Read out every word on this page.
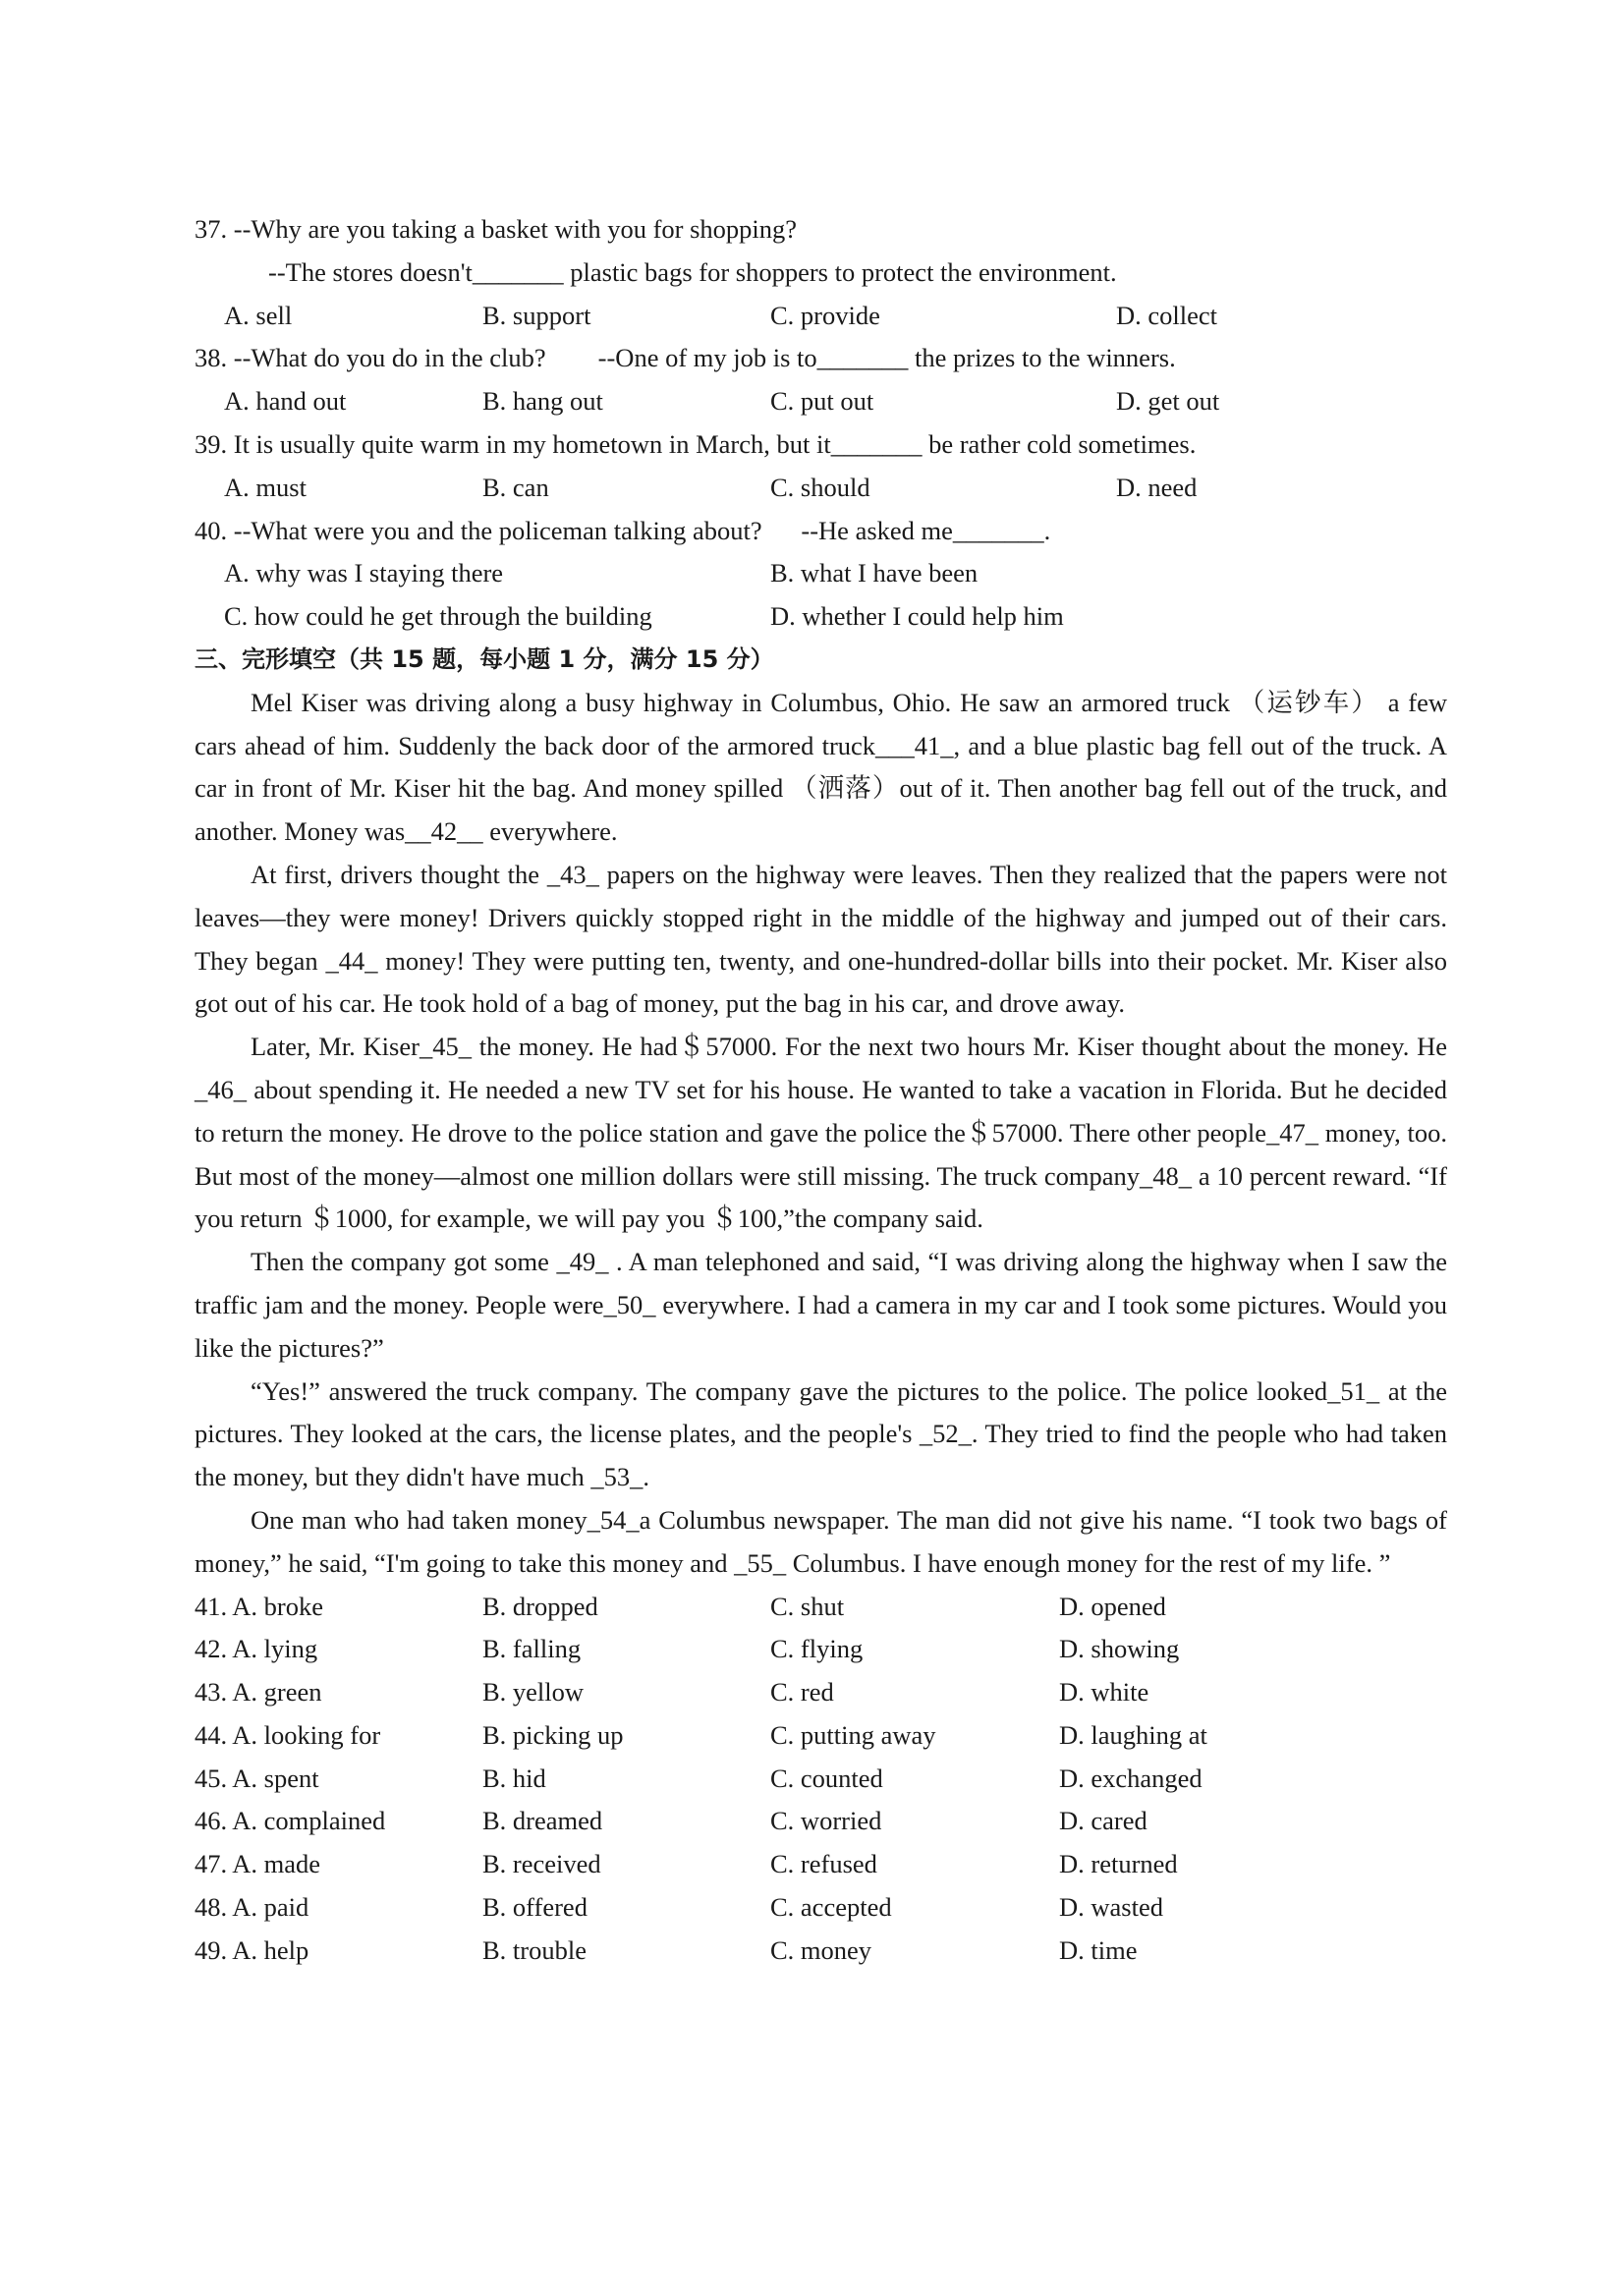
37. --Why are you taking a basket with you for shopping?
--The stores doesn't_______ plastic bags for shoppers to protect the environment.

A. sell

	B. support

	C. provide

	D. collect

38. --What do you do in the club?        --One of my job is to_______ the prizes to the winners.

A. hand out

	B. hang out

	C. put out

	D. get out

39. It is usually quite warm in my hometown in March, but it_______ be rather cold sometimes.

A. must

	B. can

	C. should

	D. need

40. --What were you and the policeman talking about?      --He asked me_______.

A. why was I staying there

	B. what I have been

C. how could he get through the building

	D. whether I could help him

三、完形填空（共 15 题，每小题 1 分，满分 15 分）

Mel Kiser was driving along a busy highway in Columbus, Ohio. He saw an armored truck （运钞车） a few cars ahead of him. Suddenly the back door of the armored truck___41_, and a blue plastic bag fell out of the truck. A car in front of Mr. Kiser hit the bag. And money spilled （洒落）out of it. Then another bag fell out of the truck, and another. Money was__42__ everywhere.

At first, drivers thought the _43_ papers on the highway were leaves. Then they realized that the papers were not leaves—they were money! Drivers quickly stopped right in the middle of the highway and jumped out of their cars. They began _44_ money! They were putting ten, twenty, and one-hundred-dollar bills into their pocket. Mr. Kiser also got out of his car. He took hold of a bag of money, put the bag in his car, and drove away.

Later, Mr. Kiser_45_ the money. He had＄57000. For the next two hours Mr. Kiser thought about the money. He _46_ about spending it. He needed a new TV set for his house. He wanted to take a vacation in Florida. But he decided to return the money. He drove to the police station and gave the police the＄57000. There other people_47_ money, too. But most of the money—almost one million dollars were still missing. The truck company_48_ a 10 percent reward. “If you return ＄1000, for example, we will pay you ＄100,”the company said.

Then the company got some _49_ . A man telephoned and said, “I was driving along the highway when I saw the traffic jam and the money. People were_50_ everywhere. I had a camera in my car and I took some pictures. Would you like the pictures?”

“Yes!” answered the truck company. The company gave the pictures to the police. The police looked_51_ at the pictures. They looked at the cars, the license plates, and the people's _52_. They tried to find the people who had taken the money, but they didn't have much _53_.

One man who had taken money_54_a Columbus newspaper. The man did not give his name. “I took two bags of money,” he said, “I'm going to take this money and _55_ Columbus. I have enough money for the rest of my life. ”

41. A. broke

	B. dropped

	C. shut

	D. opened

42. A. lying

	B. falling

	C. flying

	D. showing

43. A. green

	B. yellow

	C. red

	D. white

44. A. looking for

	B. picking up

	C. putting away

	D. laughing at

45. A. spent

	B. hid

	C. counted

	D. exchanged

46. A. complained

	B. dreamed

	C. worried

	D. cared

47. A. made

	B. received

	C. refused

	D. returned

48. A. paid

	B. offered

	C. accepted

	D. wasted

49. A. help

	B. trouble

	C. money

	D. time
